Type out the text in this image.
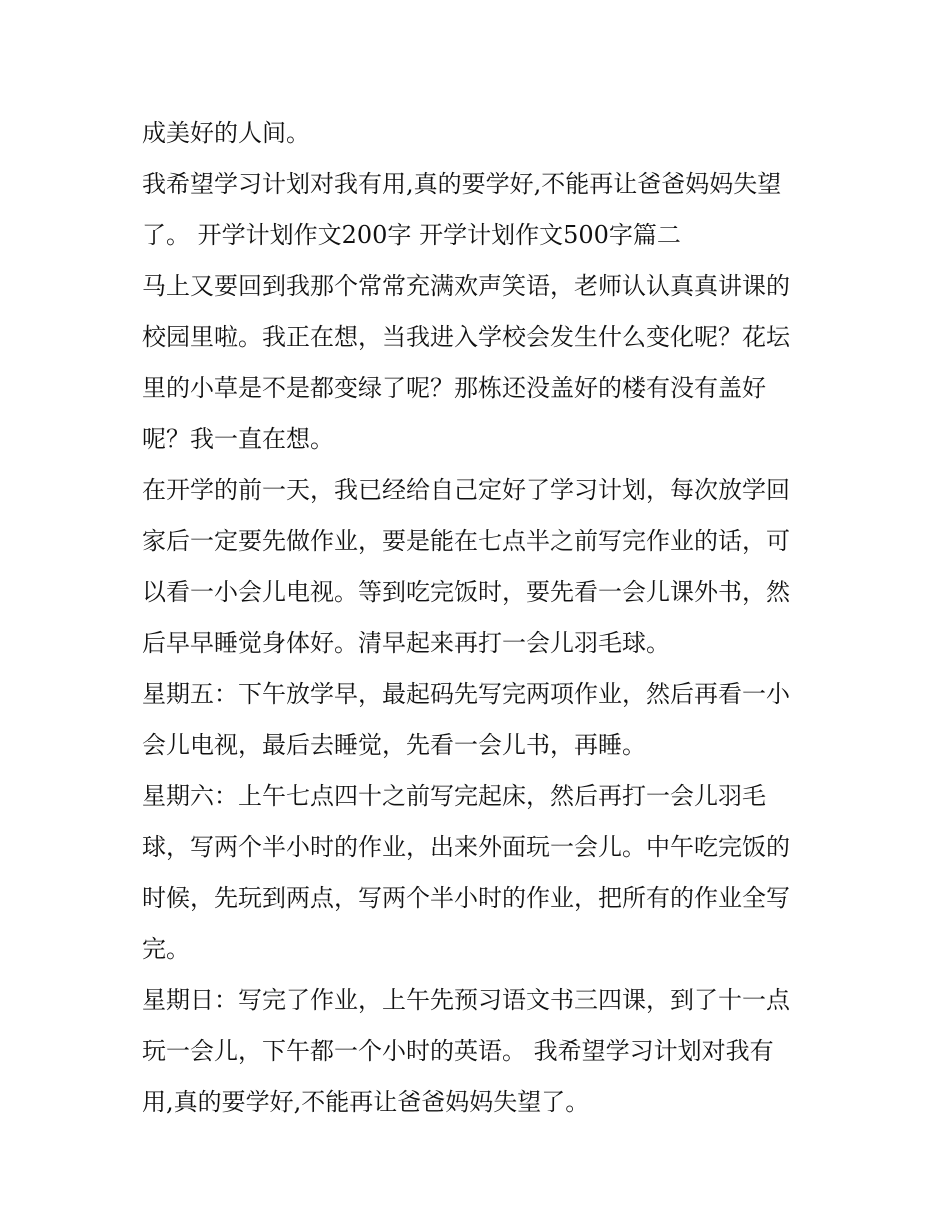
成美好的人间。
我希望学习计划对我有用,真的要学好,不能再让爸爸妈妈失望
了。 开学计划作文200字 开学计划作文500字篇二
马上又要回到我那个常常充满欢声笑语，老师认认真真讲课的
校园里啦。我正在想，当我进入学校会发生什么变化呢？花坛
里的小草是不是都变绿了呢？那栋还没盖好的楼有没有盖好
呢？我一直在想。
在开学的前一天，我已经给自己定好了学习计划，每次放学回
家后一定要先做作业，要是能在七点半之前写完作业的话，可
以看一小会儿电视。等到吃完饭时，要先看一会儿课外书，然
后早早睡觉身体好。清早起来再打一会儿羽毛球。
星期五：下午放学早，最起码先写完两项作业，然后再看一小
会儿电视，最后去睡觉，先看一会儿书，再睡。
星期六：上午七点四十之前写完起床，然后再打一会儿羽毛
球，写两个半小时的作业，出来外面玩一会儿。中午吃完饭的
时候，先玩到两点，写两个半小时的作业，把所有的作业全写
完。
星期日：写完了作业，上午先预习语文书三四课，到了十一点
玩一会儿，下午都一个小时的英语。 我希望学习计划对我有
用,真的要学好,不能再让爸爸妈妈失望了。
